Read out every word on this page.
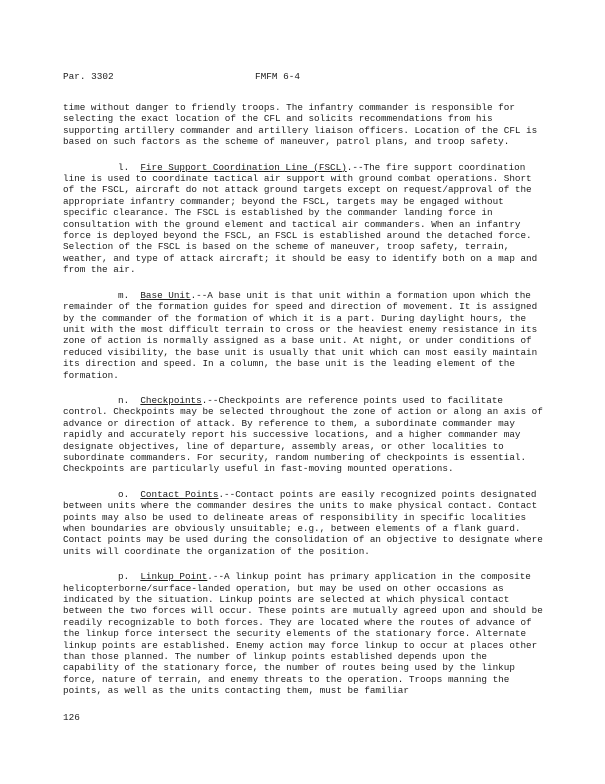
Par. 3302	FMFM 6-4

time without danger to friendly troops. The infantry commander is responsible for selecting the exact location of the CFL and solicits recommendations from his supporting artillery commander and artillery liaison officers. Location of the CFL is based on such factors as the scheme of maneuver, patrol plans, and troop safety.

l. Fire Support Coordination Line (FSCL).--The fire support coordination line is used to coordinate tactical air support with ground combat operations. Short of the FSCL, aircraft do not attack ground targets except on request/approval of the appropriate infantry commander; beyond the FSCL, targets may be engaged without specific clearance. The FSCL is established by the commander landing force in consultation with the ground element and tactical air commanders. When an infantry force is deployed beyond the FSCL, an FSCL is established around the detached force. Selection of the FSCL is based on the scheme of maneuver, troop safety, terrain, weather, and type of attack aircraft; it should be easy to identify both on a map and from the air.

m. Base Unit.--A base unit is that unit within a formation upon which the remainder of the formation guides for speed and direction of movement. It is assigned by the commander of the formation of which it is a part. During daylight hours, the unit with the most difficult terrain to cross or the heaviest enemy resistance in its zone of action is normally assigned as a base unit. At night, or under conditions of reduced visibility, the base unit is usually that unit which can most easily maintain its direction and speed. In a column, the base unit is the leading element of the formation.

n. Checkpoints.--Checkpoints are reference points used to facilitate control. Checkpoints may be selected throughout the zone of action or along an axis of advance or direction of attack. By reference to them, a subordinate commander may rapidly and accurately report his successive locations, and a higher commander may designate objectives, line of departure, assembly areas, or other localities to subordinate commanders. For security, random numbering of checkpoints is essential. Checkpoints are particularly useful in fast-moving mounted operations.

o. Contact Points.--Contact points are easily recognized points designated between units where the commander desires the units to make physical contact. Contact points may also be used to delineate areas of responsibility in specific localities when boundaries are obviously unsuitable; e.g., between elements of a flank guard. Contact points may be used during the consolidation of an objective to designate where units will coordinate the organization of the position.

p. Linkup Point.--A linkup point has primary application in the composite helicopterborne/surface-landed operation, but may be used on other occasions as indicated by the situation. Linkup points are selected at which physical contact between the two forces will occur. These points are mutually agreed upon and should be readily recognizable to both forces. They are located where the routes of advance of the linkup force intersect the security elements of the stationary force. Alternate linkup points are established. Enemy action may force linkup to occur at places other than those planned. The number of linkup points established depends upon the capability of the stationary force, the number of routes being used by the linkup force, nature of terrain, and enemy threats to the operation. Troops manning the points, as well as the units contacting them, must be familiar

126
